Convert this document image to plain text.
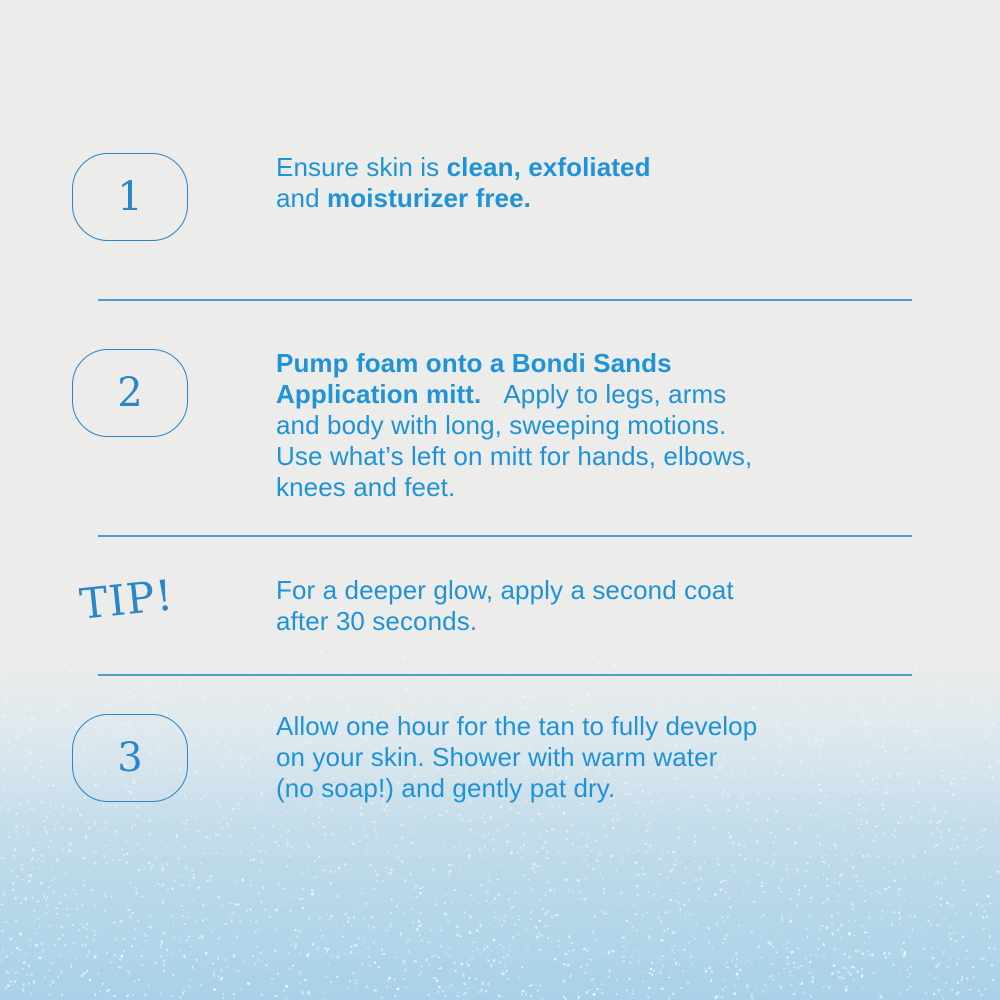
1
Ensure skin is clean, exfoliated
and moisturizer free.
2
Pump foam onto a Bondi Sands
Application mitt. Apply to legs, arms
and body with long, sweeping motions.
Use what’s left on mitt for hands, elbows,
knees and feet.
TIP!	For a deeper glow, apply a second coat
after 30 seconds.
3
Allow one hour for the tan to fully develop
on your skin. Shower with warm water
(no soap!) and gently pat dry.
